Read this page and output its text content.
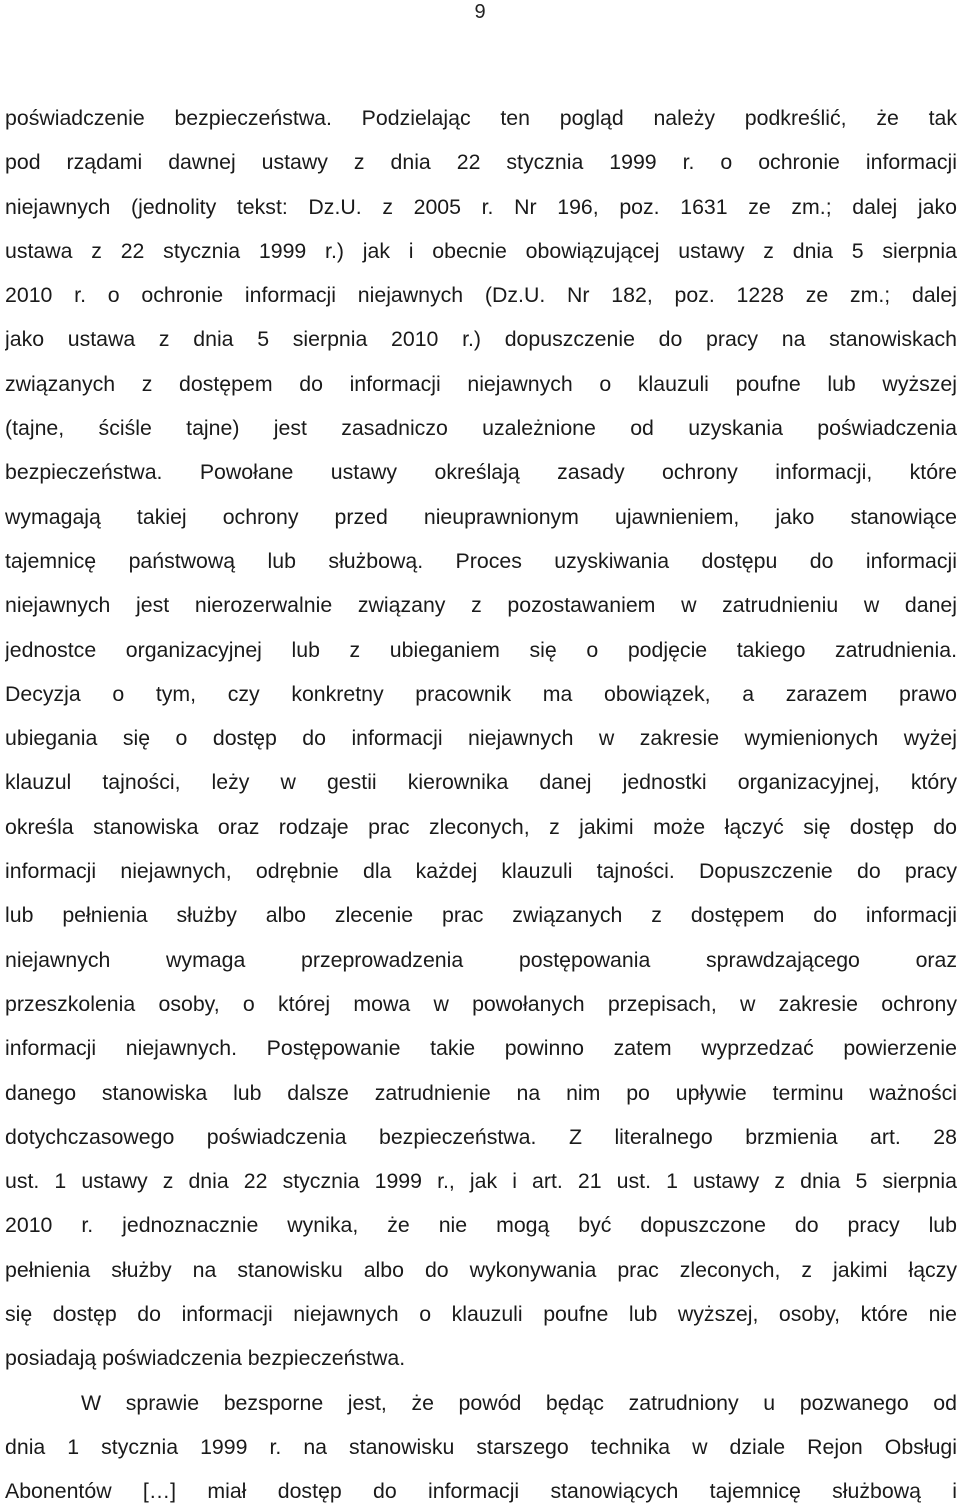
9
poświadczenie bezpieczeństwa. Podzielając ten pogląd należy podkreślić, że tak
pod rządami dawnej ustawy z dnia 22 stycznia 1999 r. o ochronie informacji
niejawnych (jednolity tekst: Dz.U. z 2005 r. Nr 196, poz. 1631 ze zm.; dalej jako
ustawa z 22 stycznia 1999 r.) jak i obecnie obowiązującej ustawy z dnia 5 sierpnia
2010 r. o ochronie informacji niejawnych (Dz.U. Nr 182, poz. 1228 ze zm.; dalej
jako ustawa z dnia 5 sierpnia 2010 r.) dopuszczenie do pracy na stanowiskach
związanych z dostępem do informacji niejawnych o klauzuli poufne lub wyższej
(tajne, ściśle tajne) jest zasadniczo uzależnione od uzyskania poświadczenia
bezpieczeństwa. Powołane ustawy określają zasady ochrony informacji, które
wymagają takiej ochrony przed nieuprawnionym ujawnieniem, jako stanowiące
tajemnicę państwową lub służbową. Proces uzyskiwania dostępu do informacji
niejawnych jest nierozerwalnie związany z pozostawaniem w zatrudnieniu w danej
jednostce organizacyjnej lub z ubieganiem się o podjęcie takiego zatrudnienia.
Decyzja o tym, czy konkretny pracownik ma obowiązek, a zarazem prawo
ubiegania się o dostęp do informacji niejawnych w zakresie wymienionych wyżej
klauzul tajności, leży w gestii kierownika danej jednostki organizacyjnej, który
określa stanowiska oraz rodzaje prac zleconych, z jakimi może łączyć się dostęp do
informacji niejawnych, odrębnie dla każdej klauzuli tajności. Dopuszczenie do pracy
lub pełnienia służby albo zlecenie prac związanych z dostępem do informacji
niejawnych wymaga przeprowadzenia postępowania sprawdzającego oraz
przeszkolenia osoby, o której mowa w powołanych przepisach, w zakresie ochrony
informacji niejawnych. Postępowanie takie powinno zatem wyprzedzać powierzenie
danego stanowiska lub dalsze zatrudnienie na nim po upływie terminu ważności
dotychczasowego poświadczenia bezpieczeństwa. Z literalnego brzmienia art. 28
ust. 1 ustawy z dnia 22 stycznia 1999 r., jak i art. 21 ust. 1 ustawy z dnia 5 sierpnia
2010 r. jednoznacznie wynika, że nie mogą być dopuszczone do pracy lub
pełnienia służby na stanowisku albo do wykonywania prac zleconych, z jakimi łączy
się dostęp do informacji niejawnych o klauzuli poufne lub wyższej, osoby, które nie
posiadają poświadczenia bezpieczeństwa.
W sprawie bezsporne jest, że powód będąc zatrudniony u pozwanego od
dnia 1 stycznia 1999 r. na stanowisku starszego technika w dziale Rejon Obsługi
Abonentów […] miał dostęp do informacji stanowiących tajemnicę służbową i
